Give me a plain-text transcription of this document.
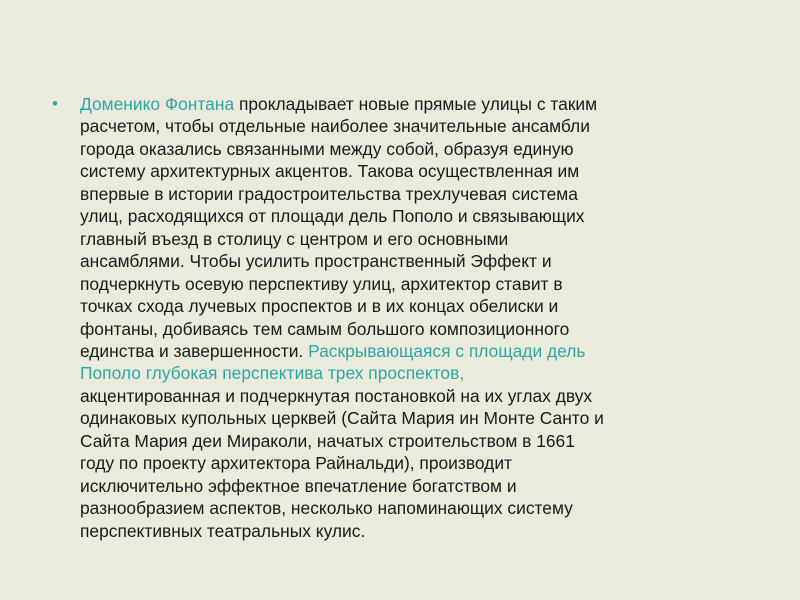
• Доменико Фонтана прокладывает новые прямые улицы с таким
расчетом, чтобы отдельные наиболее значительные ансамбли
города оказались связанными между собой, образуя единую
систему архитектурных акцентов. Такова осуществленная им
впервые в истории градостроительства трехлучевая система
улиц, расходящихся от площади дель Пополо и связывающих
главный въезд в столицу с центром и его основными
ансамблями. Чтобы усилить пространственный Эффект и
подчеркнуть осевую перспективу улиц, архитектор ставит в
точках схода лучевых проспектов и в их концах обелиски и
фонтаны, добиваясь тем самым большого композиционного
единства и завершенности. Раскрывающаяся с площади дель
Пополо глубокая перспектива трех проспектов,
акцентированная и подчеркнутая постановкой на их углах двух
одинаковых купольных церквей (Сайта Мария ин Монте Санто и
Сайта Мария деи Мираколи, начатых строительством в 1661
году по проекту архитектора Райнальди), производит
исключительно эффектное впечатление богатством и
разнообразием аспектов, несколько напоминающих систему
перспективных театральных кулис.
